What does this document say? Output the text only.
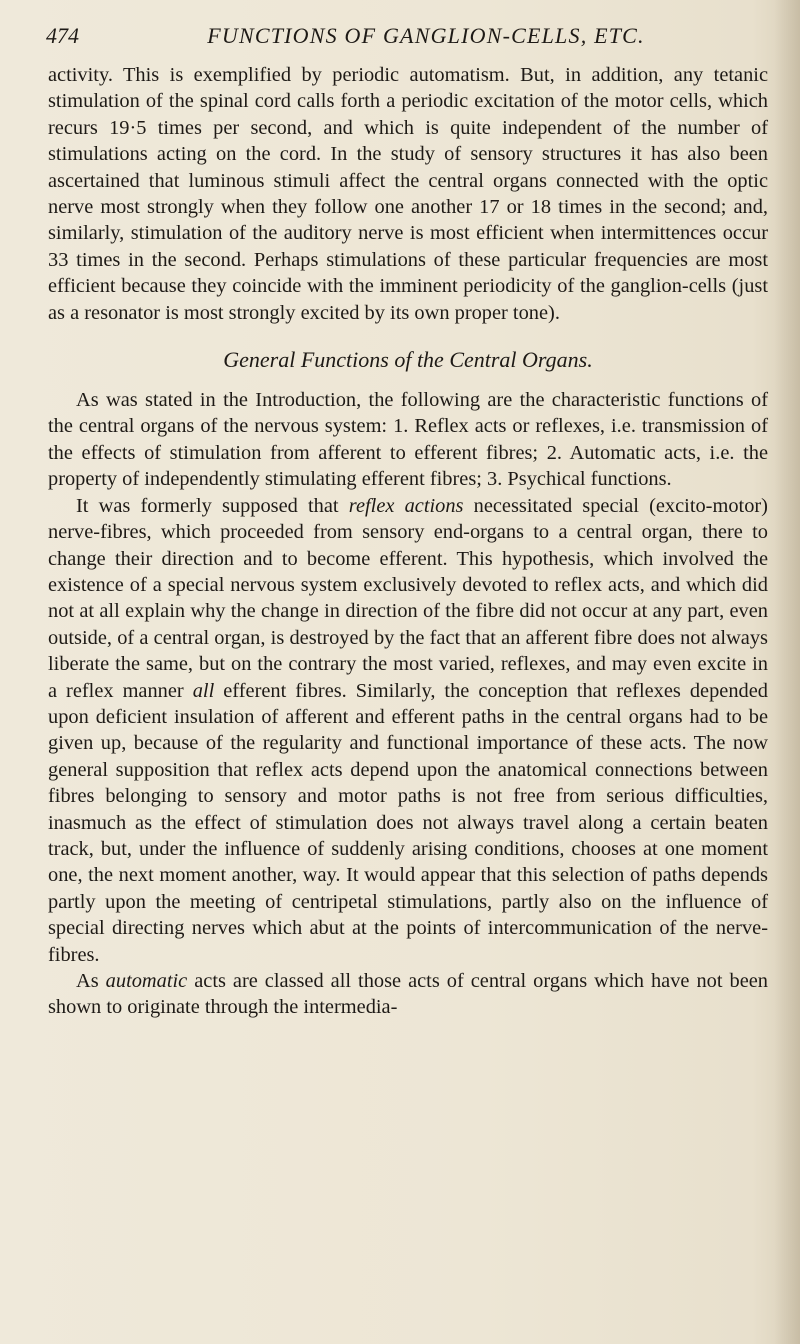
474	FUNCTIONS OF GANGLION-CELLS, ETC.

activity. This is exemplified by periodic automatism. But, in addition, any tetanic stimulation of the spinal cord calls forth a periodic excitation of the motor cells, which recurs 19·5 times per second, and which is quite independent of the number of stimulations acting on the cord. In the study of sensory structures it has also been ascertained that luminous stimuli affect the central organs connected with the optic nerve most strongly when they follow one another 17 or 18 times in the second; and, similarly, stimulation of the auditory nerve is most efficient when intermittences occur 33 times in the second. Perhaps stimulations of these particular frequencies are most efficient because they coincide with the imminent periodicity of the ganglion-cells (just as a resonator is most strongly excited by its own proper tone).

General Functions of the Central Organs.

As was stated in the Introduction, the following are the characteristic functions of the central organs of the nervous system: 1. Reflex acts or reflexes, i.e. transmission of the effects of stimulation from afferent to efferent fibres; 2. Automatic acts, i.e. the property of independently stimulating efferent fibres; 3. Psychical functions.

It was formerly supposed that reflex actions necessitated special (excito-motor) nerve-fibres, which proceeded from sensory end-organs to a central organ, there to change their direction and to become efferent. This hypothesis, which involved the existence of a special nervous system exclusively devoted to reflex acts, and which did not at all explain why the change in direction of the fibre did not occur at any part, even outside, of a central organ, is destroyed by the fact that an afferent fibre does not always liberate the same, but on the contrary the most varied, reflexes, and may even excite in a reflex manner all efferent fibres. Similarly, the conception that reflexes depended upon deficient insulation of afferent and efferent paths in the central organs had to be given up, because of the regularity and functional importance of these acts. The now general supposition that reflex acts depend upon the anatomical connections between fibres belonging to sensory and motor paths is not free from serious difficulties, inasmuch as the effect of stimulation does not always travel along a certain beaten track, but, under the influence of suddenly arising conditions, chooses at one moment one, the next moment another, way. It would appear that this selection of paths depends partly upon the meeting of centripetal stimulations, partly also on the influence of special directing nerves which abut at the points of intercommunication of the nerve-fibres.

As automatic acts are classed all those acts of central organs which have not been shown to originate through the intermedia-
